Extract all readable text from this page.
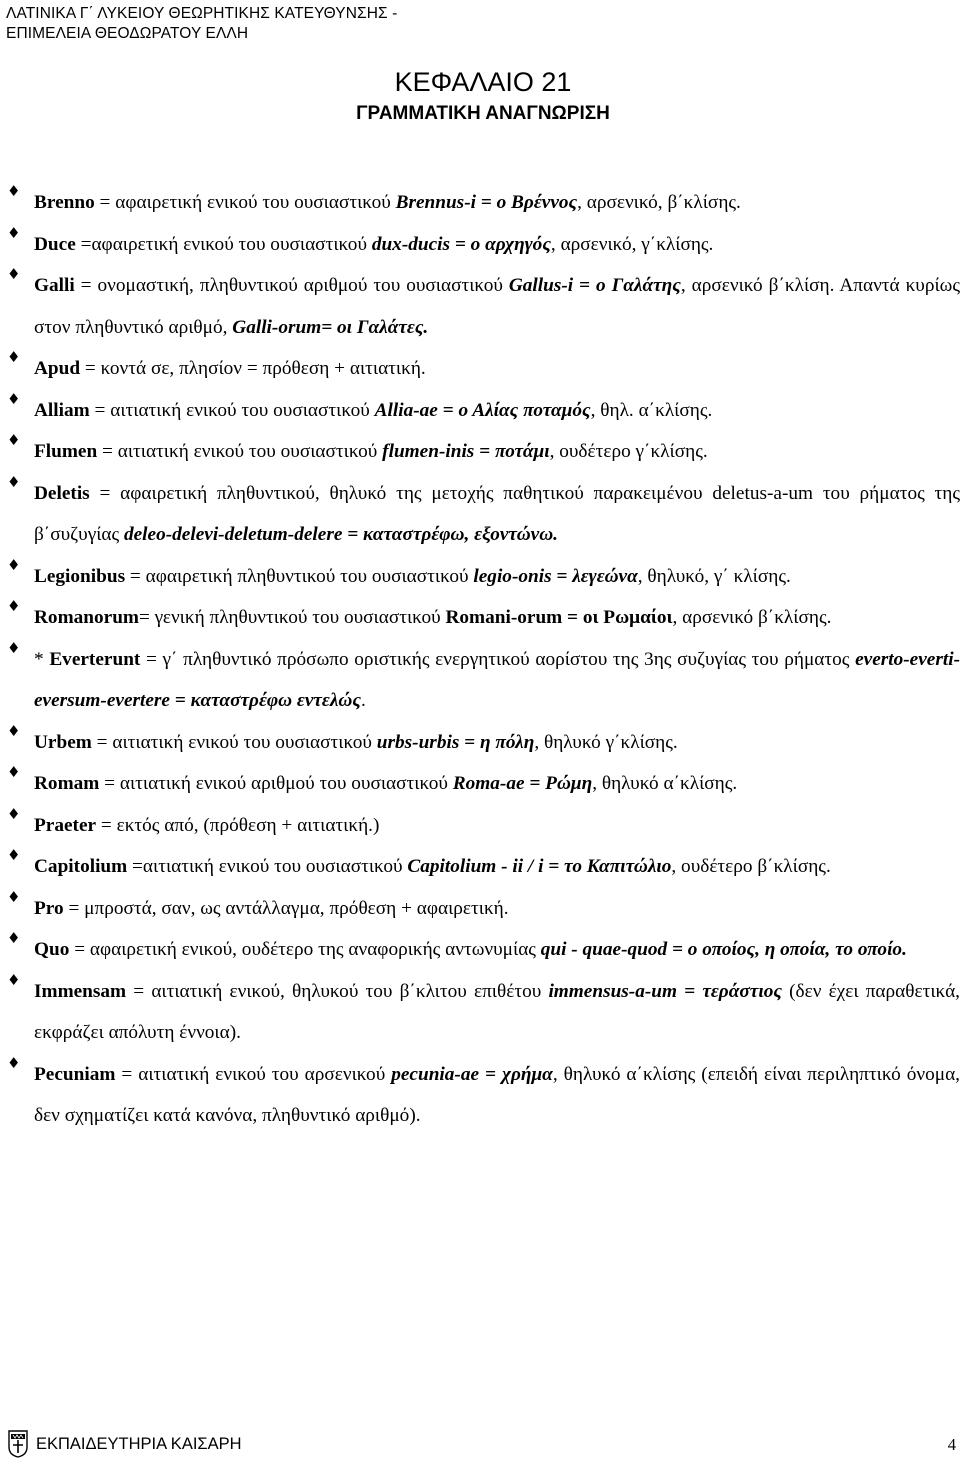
ΛΑΤΙΝΙΚΑ Γ΄ ΛΥΚΕΙΟΥ ΘΕΩΡΗΤΙΚΗΣ ΚΑΤΕΥΘΥΝΣΗΣ -
ΕΠΙΜΕΛΕΙΑ ΘΕΟΔΩΡΑΤΟΥ ΕΛΛΗ
ΚΕΦΑΛΑΙΟ 21
ΓΡΑΜΜΑΤΙΚΗ ΑΝΑΓΝΩΡΙΣΗ
♦
Brenno = αφαιρετική ενικού του ουσιαστικού Brennus-i = ο Βρέννος, αρσενικό, β΄κλίσης.
♦
Duce =αφαιρετική ενικού του ουσιαστικού dux-ducis = ο αρχηγός, αρσενικό, γ΄κλίσης.
♦
Galli = ονομαστική, πληθυντικού αριθμού του ουσιαστικού Gallus-i = ο Γαλάτης, αρσενικό β΄κλίση. Απαντά κυρίως στον πληθυντικό αριθμό, Galli-orum= οι Γαλάτες.
♦
Apud = κοντά σε, πλησίον = πρόθεση + αιτιατική.
♦
Alliam = αιτιατική ενικού του ουσιαστικού Allia-ae = ο Αλίας ποταμός, θηλ. α΄κλίσης.
♦
Flumen = αιτιατική ενικού του ουσιαστικού flumen-inis = ποτάμι, ουδέτερο γ΄κλίσης.
♦
Deletis = αφαιρετική πληθυντικού, θηλυκό της μετοχής παθητικού παρακειμένου deletus-a-um του ρήματος της β΄συζυγίας deleo-delevi-deletum-delere = καταστρέφω, εξοντώνω.
♦
Legionibus = αφαιρετική πληθυντικού του ουσιαστικού legio-onis = λεγεώνα, θηλυκό, γ΄ κλίσης.
♦
Romanorum= γενική πληθυντικού του ουσιαστικού Romani-orum = οι Ρωμαίοι, αρσενικό β΄κλίσης.
♦
* Everterunt = γ΄ πληθυντικό πρόσωπο οριστικής ενεργητικού αορίστου της 3ης συζυγίας του ρήματος everto-everti-eversum-evertere = καταστρέφω εντελώς.
♦
Urbem = αιτιατική ενικού του ουσιαστικού urbs-urbis = η πόλη, θηλυκό γ΄κλίσης.
♦
Romam = αιτιατική ενικού αριθμού του ουσιαστικού Roma-ae = Ρώμη, θηλυκό α΄κλίσης.
♦
Praeter = εκτός από, (πρόθεση + αιτιατική.)
♦
Capitolium =αιτιατική ενικού του ουσιαστικού Capitolium - ii / i = το Καπιτώλιο, ουδέτερο β΄κλίσης.
♦
Pro = μπροστά, σαν, ως αντάλλαγμα, πρόθεση + αφαιρετική.
♦
Quo = αφαιρετική ενικού, ουδέτερο της αναφορικής αντωνυμίας qui - quae-quod = ο οποίος, η οποία, το οποίο.
♦
Immensam = αιτιατική ενικού, θηλυκού του β΄κλιτου επιθέτου immensus-a-um = τεράστιος (δεν έχει παραθετικά, εκφράζει απόλυτη έννοια).
♦
Pecuniam = αιτιατική ενικού του αρσενικού pecunia-ae = χρήμα, θηλυκό α΄κλίσης (επειδή είναι περιληπτικό όνομα, δεν σχηματίζει κατά κανόνα, πληθυντικό αριθμό).
ΕΚΠΑΙΔΕΥΤΗΡΙΑ ΚΑΙΣΑΡΗ	4
